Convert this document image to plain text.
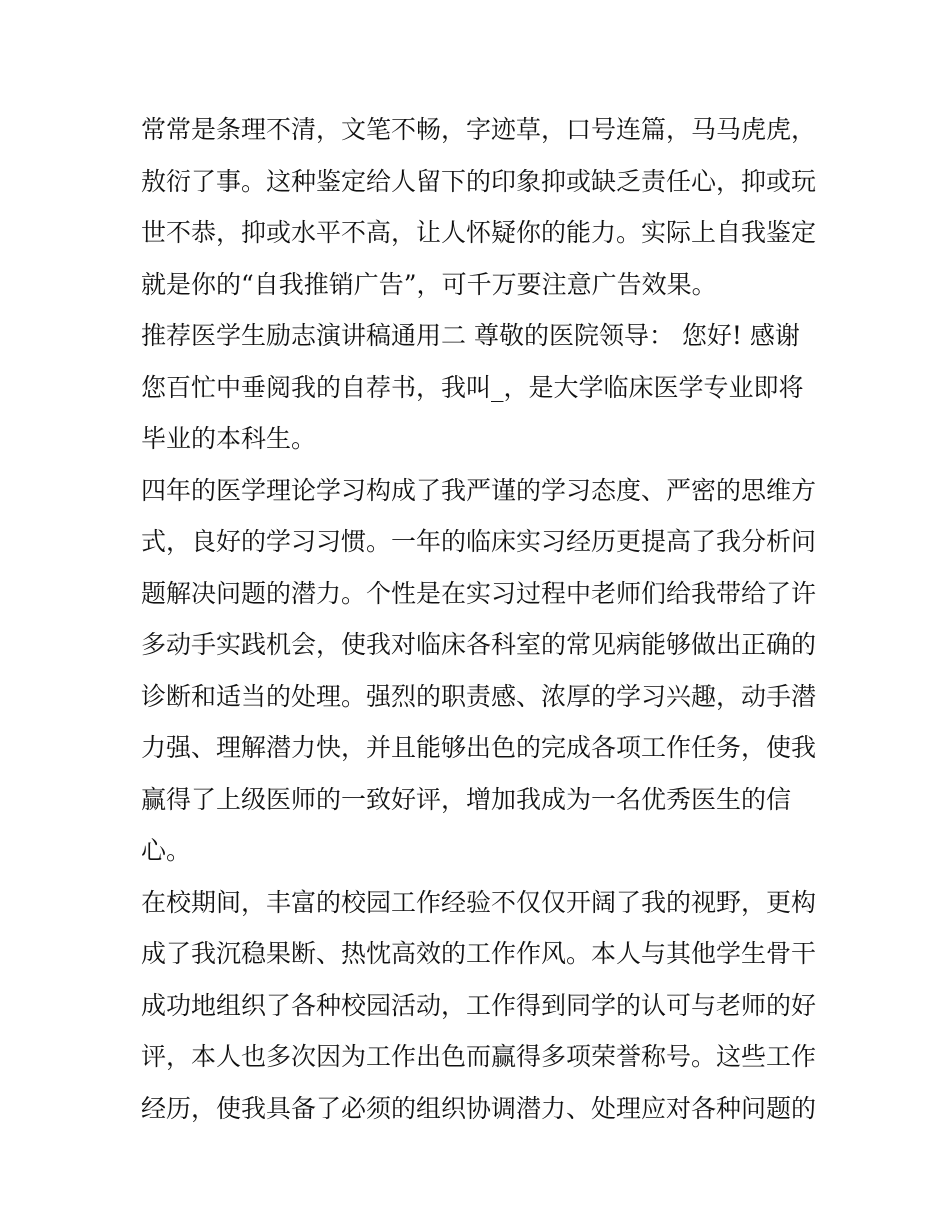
常常是条理不清，文笔不畅，字迹草，口号连篇，马马虎虎，
敖衍了事。这种鉴定给人留下的印象抑或缺乏责任心，抑或玩
世不恭，抑或水平不高，让人怀疑你的能力。实际上自我鉴定
就是你的“自我推销广告”，可千万要注意广告效果。
推荐医学生励志演讲稿通用二 尊敬的医院领导： 您好! 感谢
您百忙中垂阅我的自荐书，我叫_，是大学临床医学专业即将
毕业的本科生。
四年的医学理论学习构成了我严谨的学习态度、严密的思维方
式，良好的学习习惯。一年的临床实习经历更提高了我分析问
题解决问题的潜力。个性是在实习过程中老师们给我带给了许
多动手实践机会，使我对临床各科室的常见病能够做出正确的
诊断和适当的处理。强烈的职责感、浓厚的学习兴趣，动手潜
力强、理解潜力快，并且能够出色的完成各项工作任务，使我
赢得了上级医师的一致好评，增加我成为一名优秀医生的信
心。
在校期间，丰富的校园工作经验不仅仅开阔了我的视野，更构
成了我沉稳果断、热忱高效的工作作风。本人与其他学生骨干
成功地组织了各种校园活动，工作得到同学的认可与老师的好
评，本人也多次因为工作出色而赢得多项荣誉称号。这些工作
经历，使我具备了必须的组织协调潜力、处理应对各种问题的
